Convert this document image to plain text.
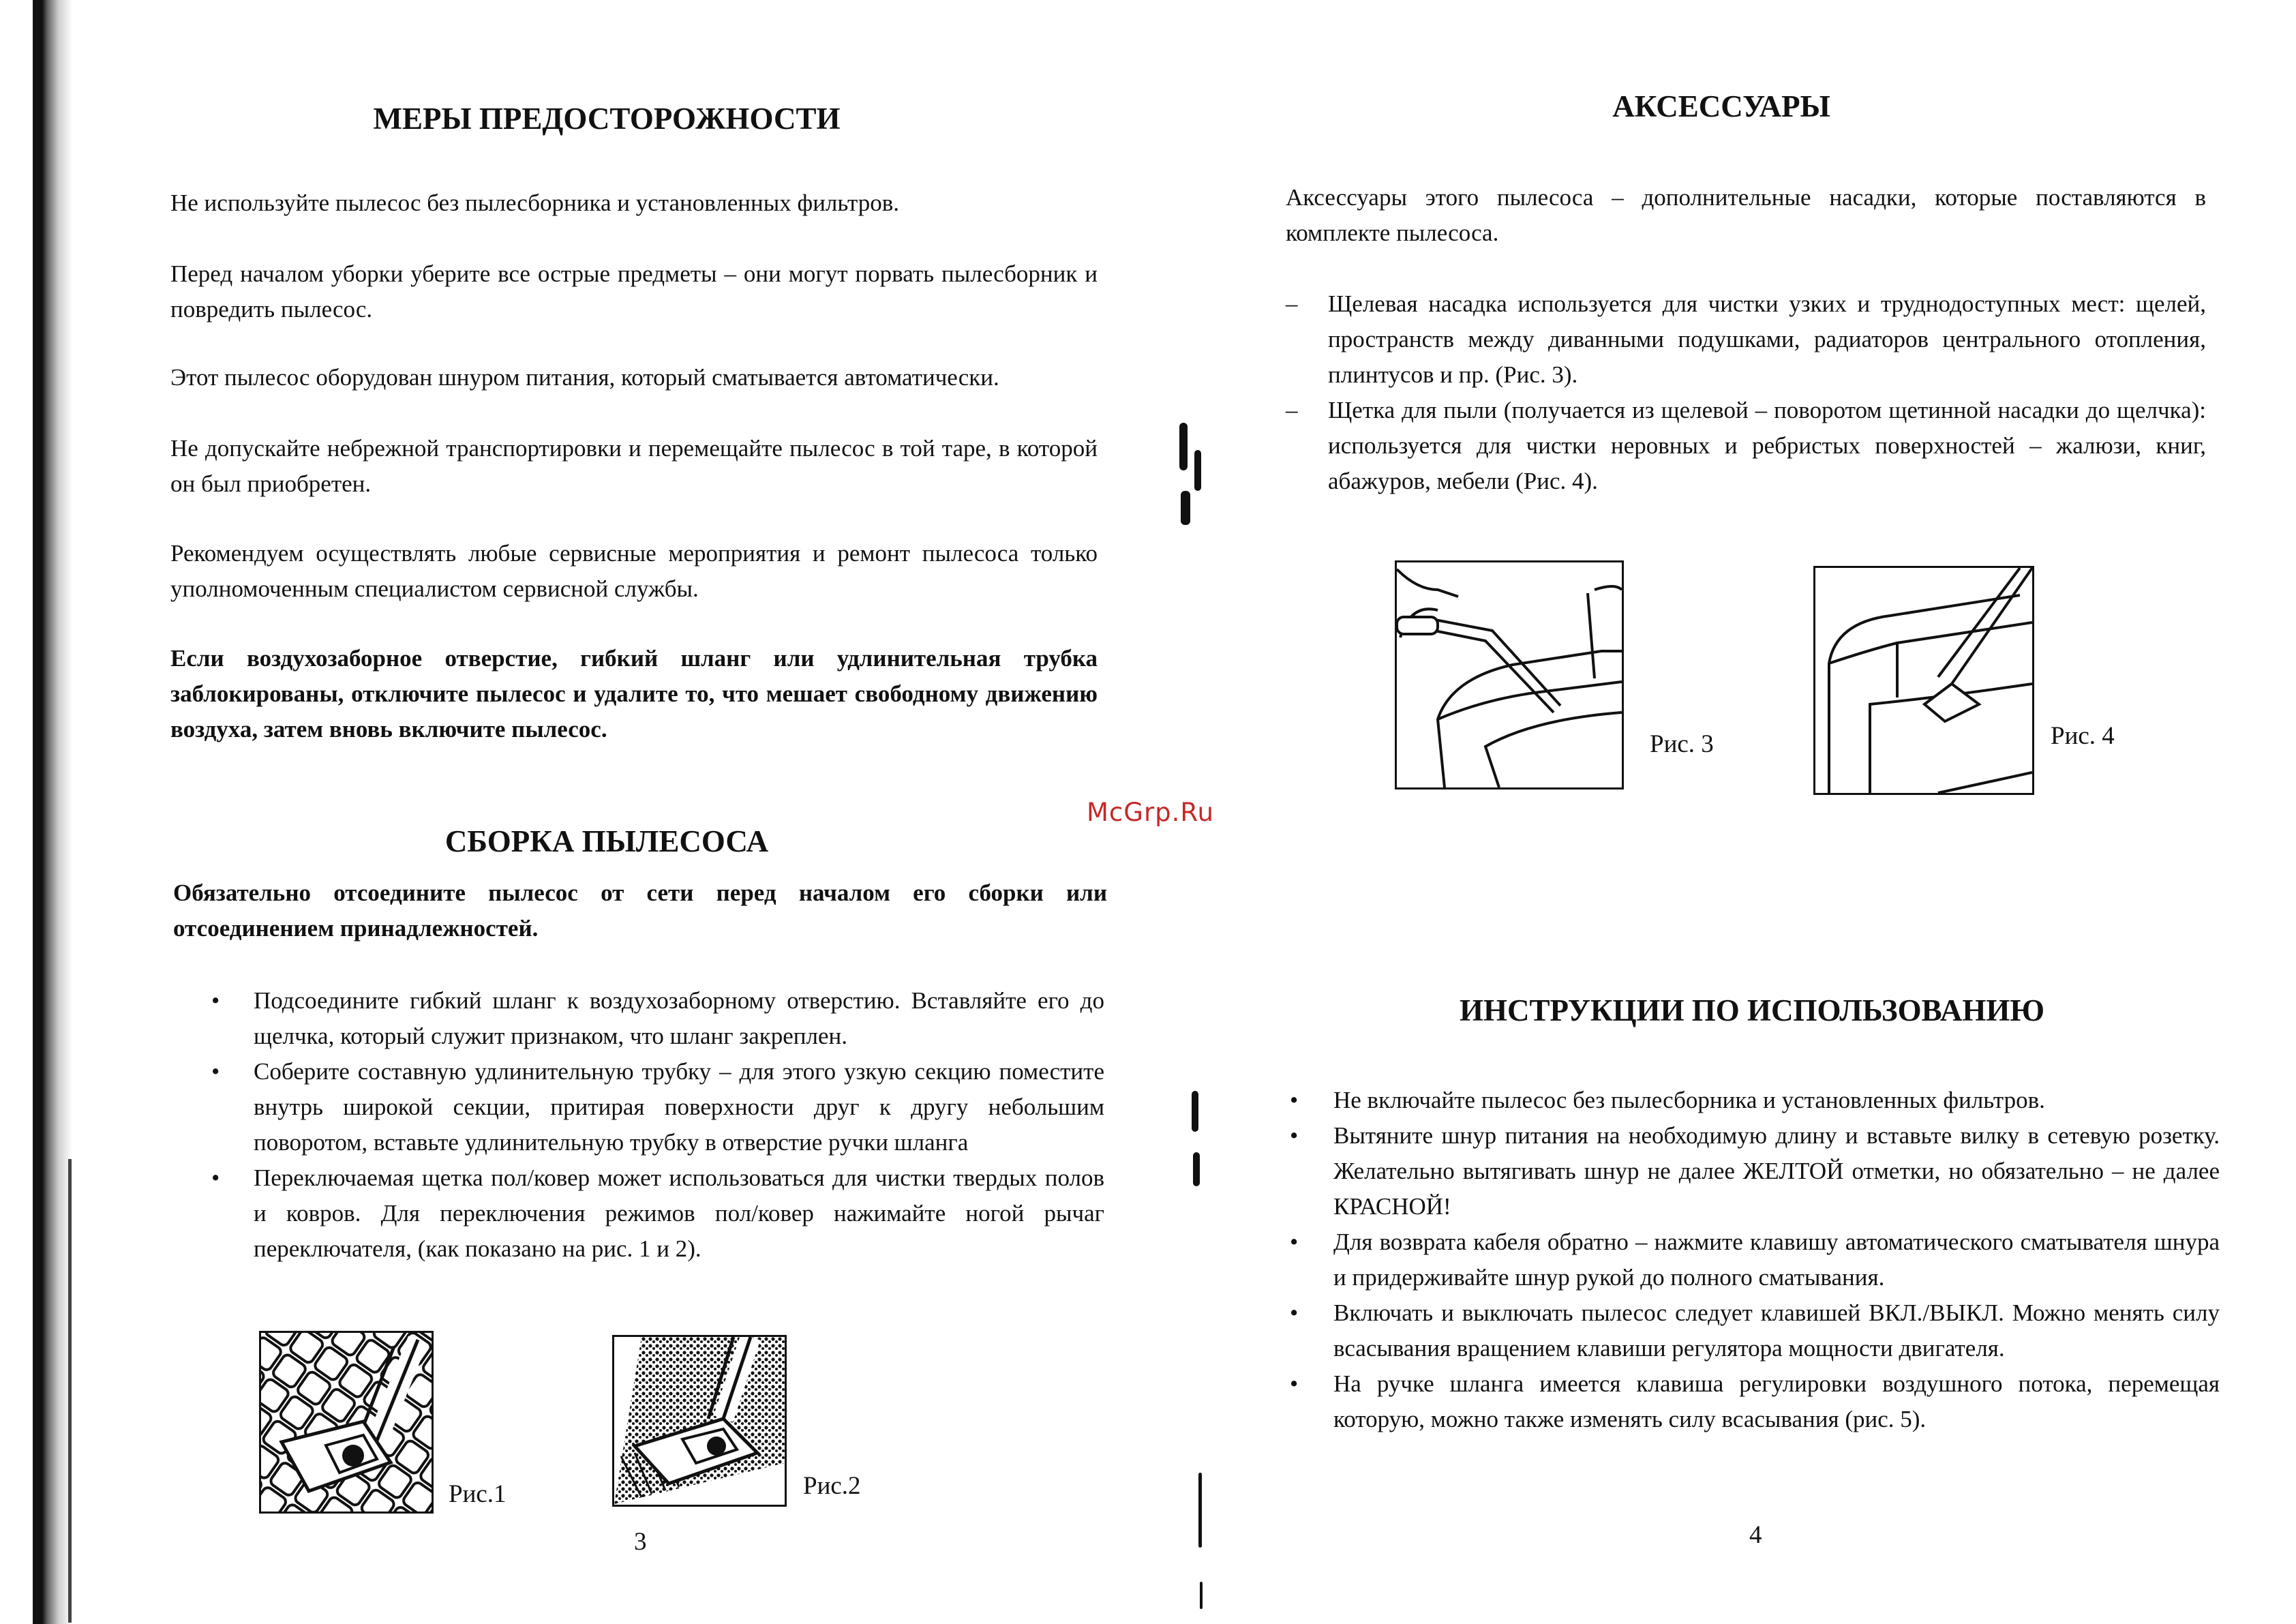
McGrp.Ru
МЕРЫ ПРЕДОСТОРОЖНОСТИ

Не используйте пылесос без пылесборника и установленных фильтров.

Перед началом уборки уберите все острые предметы – они могут порвать пылесборник и повредить пылесос.

Этот пылесос оборудован шнуром питания, который сматывается автоматически.

Не допускайте небрежной транспортировки и перемещайте пылесос в той таре, в которой он был приобретен.

Рекомендуем осуществлять любые сервисные мероприятия и ремонт пылесоса только уполномоченным специалистом сервисной службы.

Если воздухозаборное отверстие, гибкий шланг или удлинительная трубка заблокированы, отключите пылесос и удалите то, что мешает свободному движению воздуха, затем вновь включите пылесос.

СБОРКА ПЫЛЕСОСА

Обязательно отсоедините пылесос от сети перед началом его сборки или отсоединением принадлежностей.

• Подсоедините гибкий шланг к воздухозаборному отверстию. Вставляйте его до щелчка, который служит признаком, что шланг закреплен.
• Соберите составную удлинительную трубку – для этого узкую секцию поместите внутрь широкой секции, притирая поверхности друг к другу небольшим поворотом, вставьте удлинительную трубку в отверстие ручки шланга
• Переключаемая щетка пол/ковер может использоваться для чистки твердых полов и ковров. Для переключения режимов пол/ковер нажимайте ногой рычаг переключателя, (как показано на рис. 1 и 2).
Рис.1	Рис.2
3
АКСЕССУАРЫ

Аксессуары этого пылесоса – дополнительные насадки, которые поставляются в комплекте пылесоса.

– Щелевая насадка используется для чистки узких и труднодоступных мест: щелей, пространств между диванными подушками, радиаторов центрального отопления, плинтусов и пр. (Рис. 3).
– Щетка для пыли (получается из щелевой – поворотом щетинной насадки до щелчка): используется для чистки неровных и ребристых поверхностей – жалюзи, книг, абажуров, мебели (Рис. 4).
Рис. 3	Рис. 4
ИНСТРУКЦИИ ПО ИСПОЛЬЗОВАНИЮ
• Не включайте пылесос без пылесборника и установленных фильтров.
• Вытяните шнур питания на необходимую длину и вставьте вилку в сетевую розетку. Желательно вытягивать шнур не далее ЖЕЛТОЙ отметки, но обязательно – не далее КРАСНОЙ!
• Для возврата кабеля обратно – нажмите клавишу автоматического сматывателя шнура и придерживайте шнур рукой до полного сматывания.
• Включать и выключать пылесос следует клавишей ВКЛ./ВЫКЛ. Можно менять силу всасывания вращением клавиши регулятора мощности двигателя.
• На ручке шланга имеется клавиша регулировки воздушного потока, перемещая которую, можно также изменять силу всасывания (рис. 5).
4
